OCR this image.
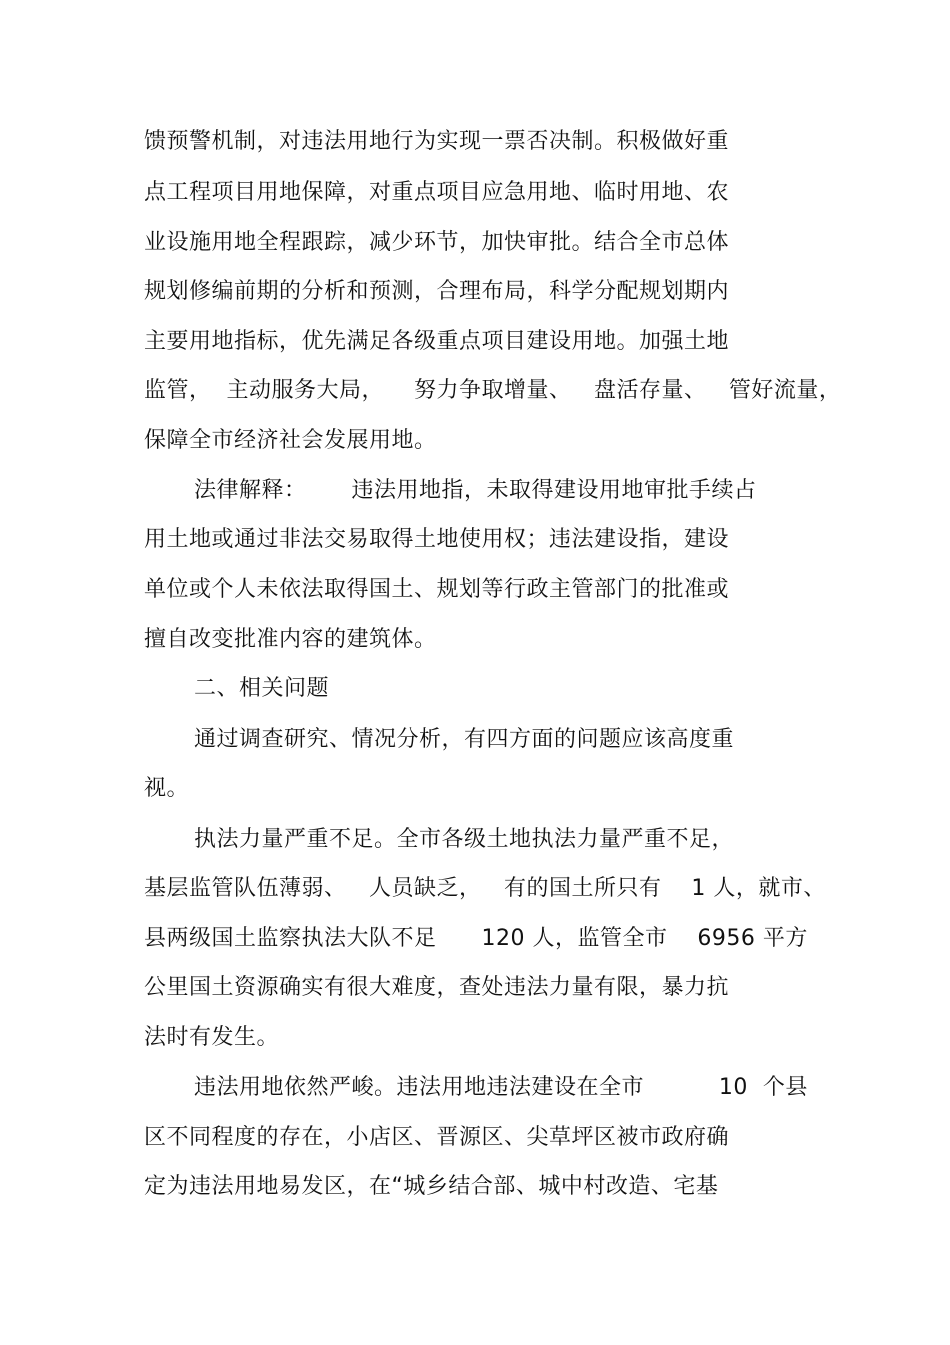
馈预警机制，对违法用地行为实现一票否决制。积极做好重
点工程项目用地保障，对重点项目应急用地、临时用地、农
业设施用地全程跟踪，减少环节，加快审批。结合全市总体
规划修编前期的分析和预测，合理布局，科学分配规划期内
主要用地指标，优先满足各级重点项目建设用地。加强土地
监管，  主动服务大局，    努力争取增量、   盘活存量、   管好流量，
保障全市经济社会发展用地。
法律解释：      违法用地指，未取得建设用地审批手续占
用土地或通过非法交易取得土地使用权；违法建设指，建设
单位或个人未依法取得国土、规划等行政主管部门的批准或
擅自改变批准内容的建筑体。
二、相关问题
通过调查研究、情况分析，有四方面的问题应该高度重
视。
执法力量严重不足。全市各级土地执法力量严重不足，
基层监管队伍薄弱、   人员缺乏，   有的国土所只有    1 人，就市、
县两级国土监察执法大队不足      120 人，监管全市    6956 平方
公里国土资源确实有很大难度，查处违法力量有限，暴力抗
法时有发生。
违法用地依然严峻。违法用地违法建设在全市          10  个县
区不同程度的存在，小店区、晋源区、尖草坪区被市政府确
定为违法用地易发区，在“城乡结合部、城中村改造、宅基
